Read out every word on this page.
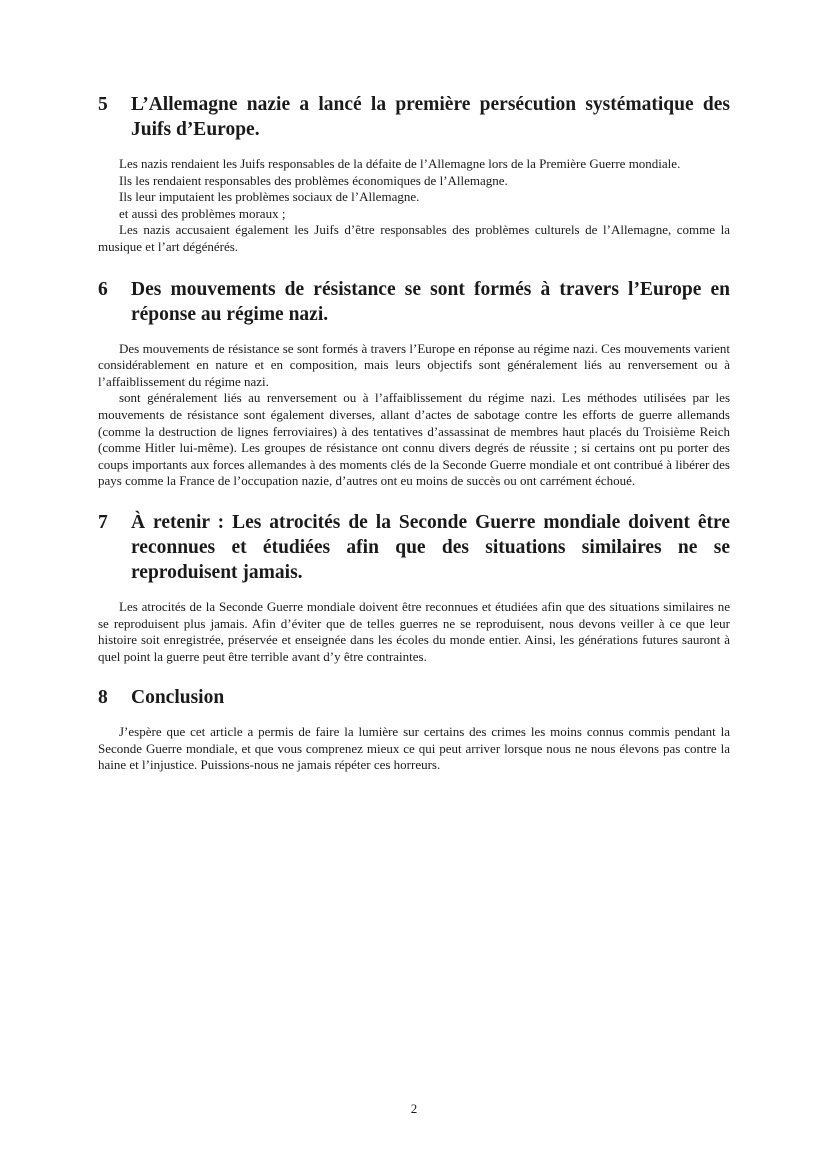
5	L’Allemagne nazie a lancé la première persécution systématique des Juifs d’Europe.

Les nazis rendaient les Juifs responsables de la défaite de l’Allemagne lors de la Première Guerre mondiale.

Ils les rendaient responsables des problèmes économiques de l’Allemagne.

Ils leur imputaient les problèmes sociaux de l’Allemagne.

et aussi des problèmes moraux ;

Les nazis accusaient également les Juifs d’être responsables des problèmes culturels de l’Allemagne, comme la musique et l’art dégénérés.

6	Des mouvements de résistance se sont formés à travers l’Europe en réponse au régime nazi.

Des mouvements de résistance se sont formés à travers l’Europe en réponse au régime nazi. Ces mouvements varient considérablement en nature et en composition, mais leurs objectifs sont généralement liés au renversement ou à l’affaiblissement du régime nazi.

sont généralement liés au renversement ou à l’affaiblissement du régime nazi. Les méthodes utilisées par les mouvements de résistance sont également diverses, allant d’actes de sabotage contre les efforts de guerre allemands (comme la destruction de lignes ferroviaires) à des tentatives d’assassinat de membres haut placés du Troisième Reich (comme Hitler lui-même). Les groupes de résistance ont connu divers degrés de réussite ; si certains ont pu porter des coups importants aux forces allemandes à des moments clés de la Seconde Guerre mondiale et ont contribué à libérer des pays comme la France de l’occupation nazie, d’autres ont eu moins de succès ou ont carrément échoué.

7	À retenir : Les atrocités de la Seconde Guerre mondiale doivent être reconnues et étudiées afin que des situations similaires ne se reproduisent jamais.

Les atrocités de la Seconde Guerre mondiale doivent être reconnues et étudiées afin que des situations similaires ne se reproduisent plus jamais. Afin d’éviter que de telles guerres ne se reproduisent, nous devons veiller à ce que leur histoire soit enregistrée, préservée et enseignée dans les écoles du monde entier. Ainsi, les générations futures sauront à quel point la guerre peut être terrible avant d’y être contraintes.

8	Conclusion

J’espère que cet article a permis de faire la lumière sur certains des crimes les moins connus commis pendant la Seconde Guerre mondiale, et que vous comprenez mieux ce qui peut arriver lorsque nous ne nous élevons pas contre la haine et l’injustice. Puissions-nous ne jamais répéter ces horreurs.

2
